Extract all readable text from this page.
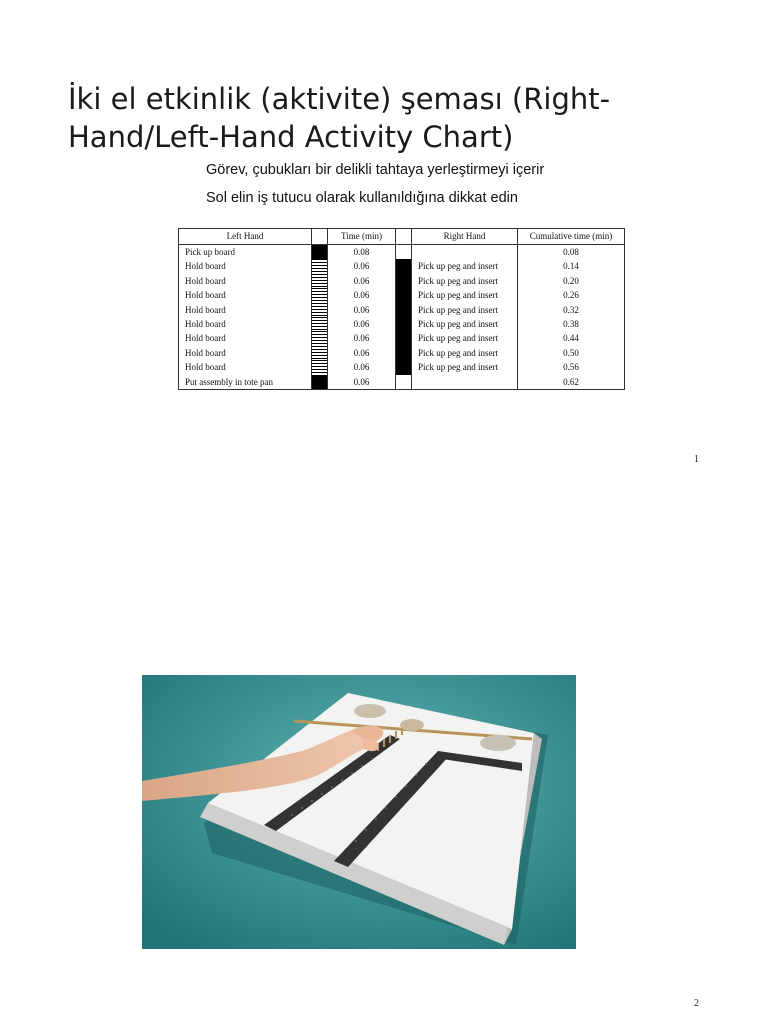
İki el etkinlik (aktivite) şeması (Right-Hand/Left-Hand Activity Chart)
Görev, çubukları bir delikli tahtaya yerleştirmeyi içerir
Sol elin iş tutucu olarak kullanıldığına dikkat edin
Left Hand		Time (min)		Right Hand	Cumulative time (min)
Pick up board		0.08			0.08
Hold board		0.06		Pick up peg and insert	0.14
Hold board		0.06		Pick up peg and insert	0.20
Hold board		0.06		Pick up peg and insert	0.26
Hold board		0.06		Pick up peg and insert	0.32
Hold board		0.06		Pick up peg and insert	0.38
Hold board		0.06		Pick up peg and insert	0.44
Hold board		0.06		Pick up peg and insert	0.50
Hold board		0.06		Pick up peg and insert	0.56
Put assembly in tote pan		0.06			0.62
1
2
